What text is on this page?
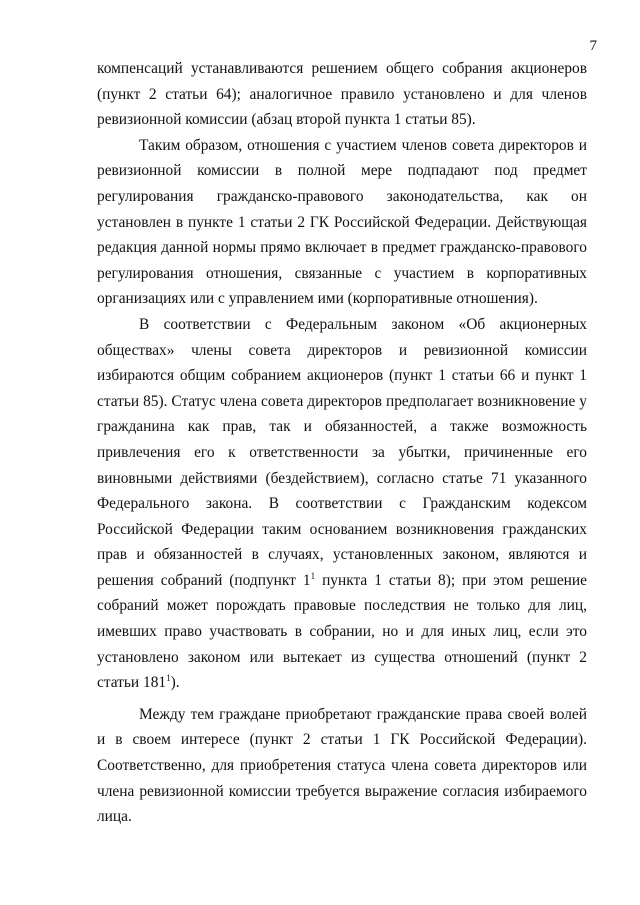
7

компенсаций устанавливаются решением общего собрания акционеров (пункт 2 статьи 64); аналогичное правило установлено и для членов ревизионной комиссии (абзац второй пункта 1 статьи 85).

Таким образом, отношения с участием членов совета директоров и ревизионной комиссии в полной мере подпадают под предмет регулирования гражданско-правового законодательства, как он установлен в пункте 1 статьи 2 ГК Российской Федерации. Действующая редакция данной нормы прямо включает в предмет гражданско-правового регулирования отношения, связанные с участием в корпоративных организациях или с управлением ими (корпоративные отношения).

В соответствии с Федеральным законом «Об акционерных обществах» члены совета директоров и ревизионной комиссии избираются общим собранием акционеров (пункт 1 статьи 66 и пункт 1 статьи 85). Статус члена совета директоров предполагает возникновение у гражданина как прав, так и обязанностей, а также возможность привлечения его к ответственности за убытки, причиненные его виновными действиями (бездействием), согласно статье 71 указанного Федерального закона. В соответствии с Гражданским кодексом Российской Федерации таким основанием возникновения гражданских прав и обязанностей в случаях, установленных законом, являются и решения собраний (подпункт $1^1$ пункта 1 статьи 8); при этом решение собраний может порождать правовые последствия не только для лиц, имевших право участвовать в собрании, но и для иных лиц, если это установлено законом или вытекает из существа отношений (пункт 2 статьи $181^1$).

Между тем граждане приобретают гражданские права своей волей и в своем интересе (пункт 2 статьи 1 ГК Российской Федерации). Соответственно, для приобретения статуса члена совета директоров или члена ревизионной комиссии требуется выражение согласия избираемого лица.
